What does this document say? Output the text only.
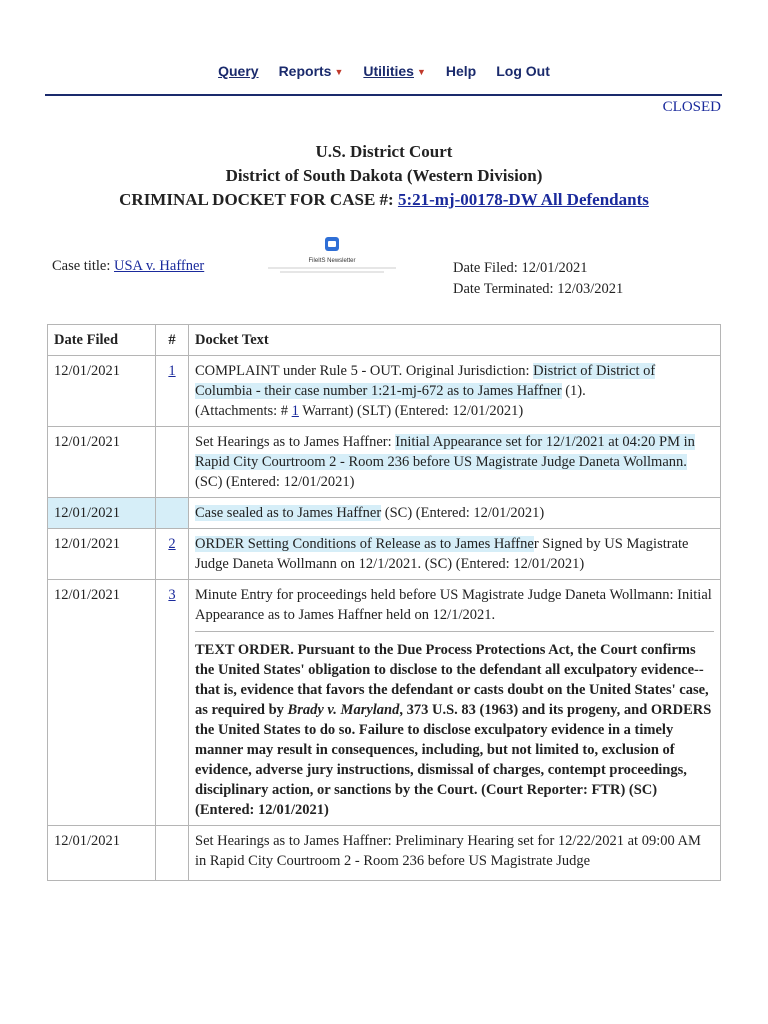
Query Reports ▼ Utilities ▼ Help Log Out
CLOSED
U.S. District Court
District of South Dakota (Western Division)
CRIMINAL DOCKET FOR CASE #: 5:21-mj-00178-DW All Defendants
Case title: USA v. Haffner	FileItS Newsletter	Date Filed: 12/01/2021
Date Terminated: 12/03/2021
Date Filed	#	Docket Text
12/01/2021	1	COMPLAINT under Rule 5 - OUT. Original Jurisdiction: District of District of Columbia - their case number 1:21-mj-672 as to James Haffner (1).
(Attachments: # 1 Warrant) (SLT) (Entered: 12/01/2021)
12/01/2021		Set Hearings as to James Haffner: Initial Appearance set for 12/1/2021 at 04:20 PM in Rapid City Courtroom 2 - Room 236 before US Magistrate Judge Daneta Wollmann. (SC) (Entered: 12/01/2021)
12/01/2021		Case sealed as to James Haffner (SC) (Entered: 12/01/2021)
12/01/2021	2	ORDER Setting Conditions of Release as to James Haffner Signed by US Magistrate Judge Daneta Wollmann on 12/1/2021. (SC) (Entered: 12/01/2021)
12/01/2021	3	Minute Entry for proceedings held before US Magistrate Judge Daneta Wollmann: Initial Appearance as to James Haffner held on 12/1/2021.
TEXT ORDER. Pursuant to the Due Process Protections Act, the Court confirms the United States' obligation to disclose to the defendant all exculpatory evidence--that is, evidence that favors the defendant or casts doubt on the United States' case, as required by Brady v. Maryland, 373 U.S. 83 (1963) and its progeny, and ORDERS the United States to do so. Failure to disclose exculpatory evidence in a timely manner may result in consequences, including, but not limited to, exclusion of evidence, adverse jury instructions, dismissal of charges, contempt proceedings, disciplinary action, or sanctions by the Court. (Court Reporter: FTR) (SC) (Entered: 12/01/2021)

12/01/2021		Set Hearings as to James Haffner: Preliminary Hearing set for 12/22/2021 at 09:00 AM in Rapid City Courtroom 2 - Room 236 before US Magistrate Judge
